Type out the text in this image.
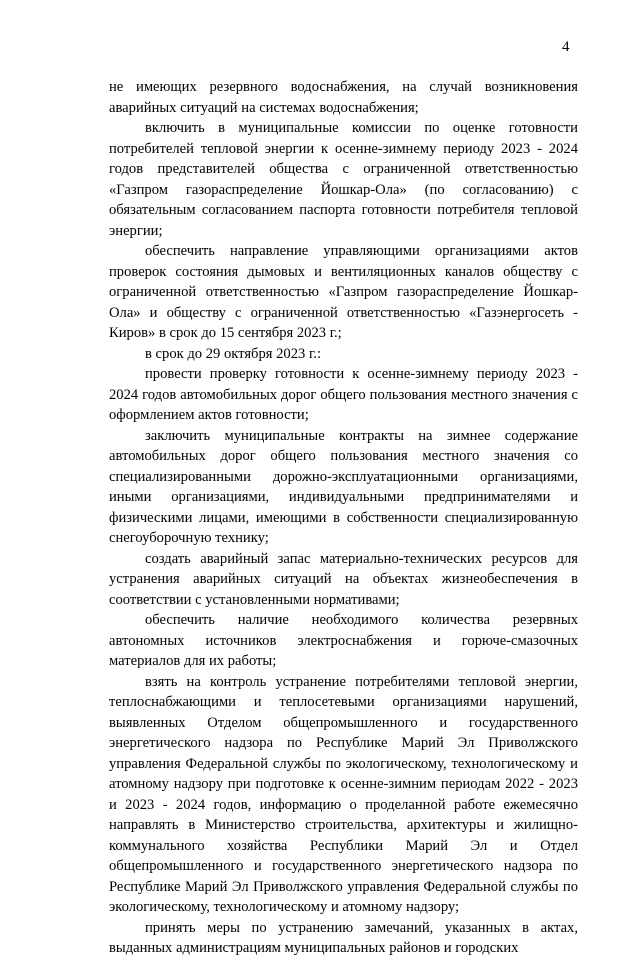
4

не имеющих резервного водоснабжения, на случай возникновения аварийных ситуаций на системах водоснабжения;

включить в муниципальные комиссии по оценке готовности потребителей тепловой энергии к осенне-зимнему периоду 2023 - 2024 годов представителей общества с ограниченной ответственностью «Газпром газораспределение Йошкар-Ола» (по согласованию) с обязательным согласованием паспорта готовности потребителя тепловой энергии;

обеспечить направление управляющими организациями актов проверок состояния дымовых и вентиляционных каналов обществу с ограниченной ответственностью «Газпром газораспределение Йошкар-Ола» и обществу с ограниченной ответственностью «Газэнергосеть - Киров» в срок до 15 сентября 2023 г.;

в срок до 29 октября 2023 г.:

провести проверку готовности к осенне-зимнему периоду 2023 - 2024 годов автомобильных дорог общего пользования местного значения с оформлением актов готовности;

заключить муниципальные контракты на зимнее содержание автомобильных дорог общего пользования местного значения со специализированными дорожно-эксплуатационными организациями, иными организациями, индивидуальными предпринимателями и физическими лицами, имеющими в собственности специализированную снегоуборочную технику;

создать аварийный запас материально-технических ресурсов для устранения аварийных ситуаций на объектах жизнеобеспечения в соответствии с установленными нормативами;

обеспечить наличие необходимого количества резервных автономных источников электроснабжения и горюче-смазочных материалов для их работы;

взять на контроль устранение потребителями тепловой энергии, теплоснабжающими и теплосетевыми организациями нарушений, выявленных Отделом общепромышленного и государственного энергетического надзора по Республике Марий Эл Приволжского управления Федеральной службы по экологическому, технологическому и атомному надзору при подготовке к осенне-зимним периодам 2022 - 2023 и 2023 - 2024 годов, информацию о проделанной работе ежемесячно направлять в Министерство строительства, архитектуры и жилищно-коммунального хозяйства Республики Марий Эл и Отдел общепромышленного и государственного энергетического надзора по Республике Марий Эл Приволжского управления Федеральной службы по экологическому, технологическому и атомному надзору;

принять меры по устранению замечаний, указанных в актах, выданных администрациям муниципальных районов и городских
